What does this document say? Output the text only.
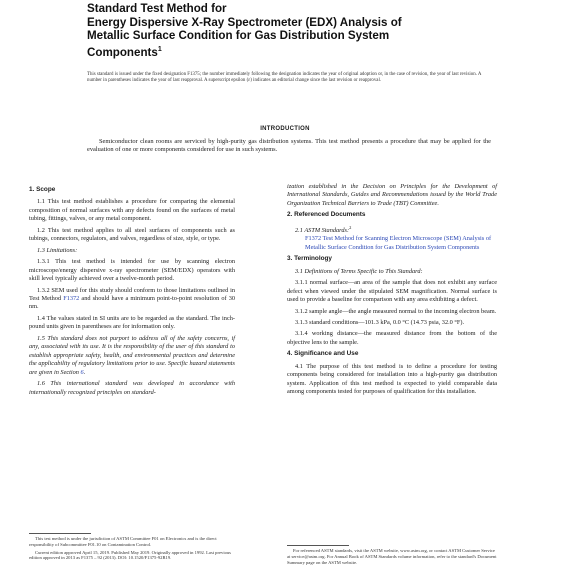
Standard Test Method for
Energy Dispersive X-Ray Spectrometer (EDX) Analysis of
Metallic Surface Condition for Gas Distribution System
Components$^1$

This standard is issued under the fixed designation F1375; the number immediately following the designation indicates the year of original adoption or, in the case of revision, the year of last revision. A number in parentheses indicates the year of last reapproval. A superscript epsilon (ε) indicates an editorial change since the last revision or reapproval.

INTRODUCTION
Semiconductor clean rooms are serviced by high-purity gas distribution systems. This test method presents a procedure that may be applied for the evaluation of one or more components considered for use in such systems.
1. Scope

1.1 This test method establishes a procedure for comparing the elemental composition of normal surfaces with any defects found on the surfaces of metal tubing, fittings, valves, or any metal component.

1.2 This test method applies to all steel surfaces of components such as tubings, connectors, regulators, and valves, regardless of size, style, or type.

1.3 Limitations:

1.3.1 This test method is intended for use by scanning electron microscope/energy dispersive x-ray spectrometer (SEM/EDX) operators with skill level typically achieved over a twelve-month period.

1.3.2 SEM used for this study should conform to those limitations outlined in Test Method F1372 and should have a minimum point-to-point resolution of 30 nm.

1.4 The values stated in SI units are to be regarded as the standard. The inch-pound units given in parentheses are for information only.

1.5 This standard does not purport to address all of the safety concerns, if any, associated with its use. It is the responsibility of the user of this standard to establish appropriate safety, health, and environmental practices and determine the applicability of regulatory limitations prior to use. Specific hazard statements are given in Section 6.

1.6 This international standard was developed in accordance with internationally recognized principles on standard-

ization established in the Decision on Principles for the Development of International Standards, Guides and Recommendations issued by the World Trade Organization Technical Barriers to Trade (TBT) Committee.

2. Referenced Documents

2.1 ASTM Standards:$^2$

F1372 Test Method for Scanning Electron Microscope (SEM) Analysis of Metallic Surface Condition for Gas Distribution System Components

3. Terminology

3.1 Definitions of Terms Specific to This Standard:

3.1.1 normal surface—an area of the sample that does not exhibit any surface defect when viewed under the stipulated SEM magnification. Normal surface is used to provide a baseline for comparison with any area exhibiting a defect.

3.1.2 sample angle—the angle measured normal to the incoming electron beam.

3.1.3 standard conditions—101.3 kPa, 0.0 °C (14.73 psia, 32.0 °F).

3.1.4 working distance—the measured distance from the bottom of the objective lens to the sample.

4. Significance and Use

4.1 The purpose of this test method is to define a procedure for testing components being considered for installation into a high-purity gas distribution system. Application of this test method is expected to yield comparable data among components tested for purposes of qualification for this installation.

This test method is under the jurisdiction of ASTM Committee F01 on Electronics and is the direct responsibility of Subcommittee F01.10 on Contamination Control.

Current edition approved April 15, 2019. Published May 2019. Originally approved in 1992. Last previous edition approved in 2013 as F1375 – 92 (2013). DOI: 10.1520/F1375-92R19.

For referenced ASTM standards, visit the ASTM website, www.astm.org, or contact ASTM Customer Service at service@astm.org. For Annual Book of ASTM Standards volume information, refer to the standard's Document Summary page on the ASTM website.
